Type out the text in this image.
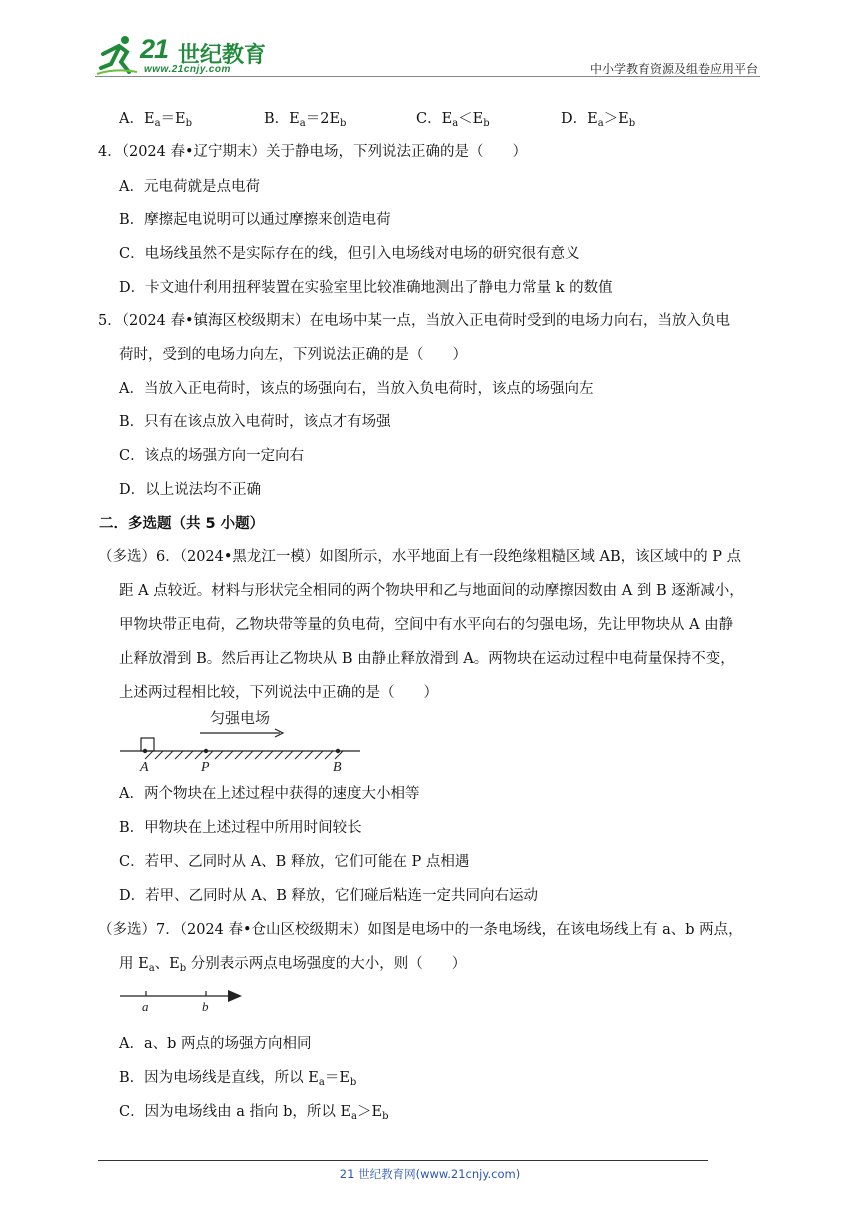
21 世纪教育
www.21cnjy.com	中小学教育资源及组卷应用平台
A．$E_a=E_b$	B．$E_a=2E_b$	C．$E_a<E_b$	D．$E_a>E_b$
4．（2024 春•辽宁期末）关于静电场，下列说法正确的是（　　）
A．元电荷就是点电荷
B．摩擦起电说明可以通过摩擦来创造电荷
C．电场线虽然不是实际存在的线，但引入电场线对电场的研究很有意义
D．卡文迪什利用扭秤装置在实验室里比较准确地测出了静电力常量 k 的数值
5．（2024 春•镇海区校级期末）在电场中某一点，当放入正电荷时受到的电场力向右，当放入负电
荷时，受到的电场力向左，下列说法正确的是（　　）
A．当放入正电荷时，该点的场强向右，当放入负电荷时，该点的场强向左
B．只有在该点放入电荷时，该点才有场强
C．该点的场强方向一定向右
D．以上说法均不正确
二．多选题（共 5 小题）
（多选）6．（2024•黑龙江一模）如图所示，水平地面上有一段绝缘粗糙区域 AB，该区域中的 P 点
距 A 点较近。材料与形状完全相同的两个物块甲和乙与地面间的动摩擦因数由 A 到 B 逐渐减小，
甲物块带正电荷，乙物块带等量的负电荷，空间中有水平向右的匀强电场，先让甲物块从 A 由静
止释放滑到 B。然后再让乙物块从 B 由静止释放滑到 A。两物块在运动过程中电荷量保持不变，
上述两过程相比较，下列说法中正确的是（　　）
匀强电场
A	P	B
A．两个物块在上述过程中获得的速度大小相等
B．甲物块在上述过程中所用时间较长
C．若甲、乙同时从 A、B 释放，它们可能在 P 点相遇
D．若甲、乙同时从 A、B 释放，它们碰后粘连一定共同向右运动
（多选）7．（2024 春•仓山区校级期末）如图是电场中的一条电场线，在该电场线上有 a、b 两点，
用 $E_a$、$E_b$ 分别表示两点电场强度的大小，则（　　）
a	b
A．a、b 两点的场强方向相同
B．因为电场线是直线，所以 $E_a=E_b$
C．因为电场线由 a 指向 b，所以 $E_a>E_b$
21 世纪教育网(www.21cnjy.com)
